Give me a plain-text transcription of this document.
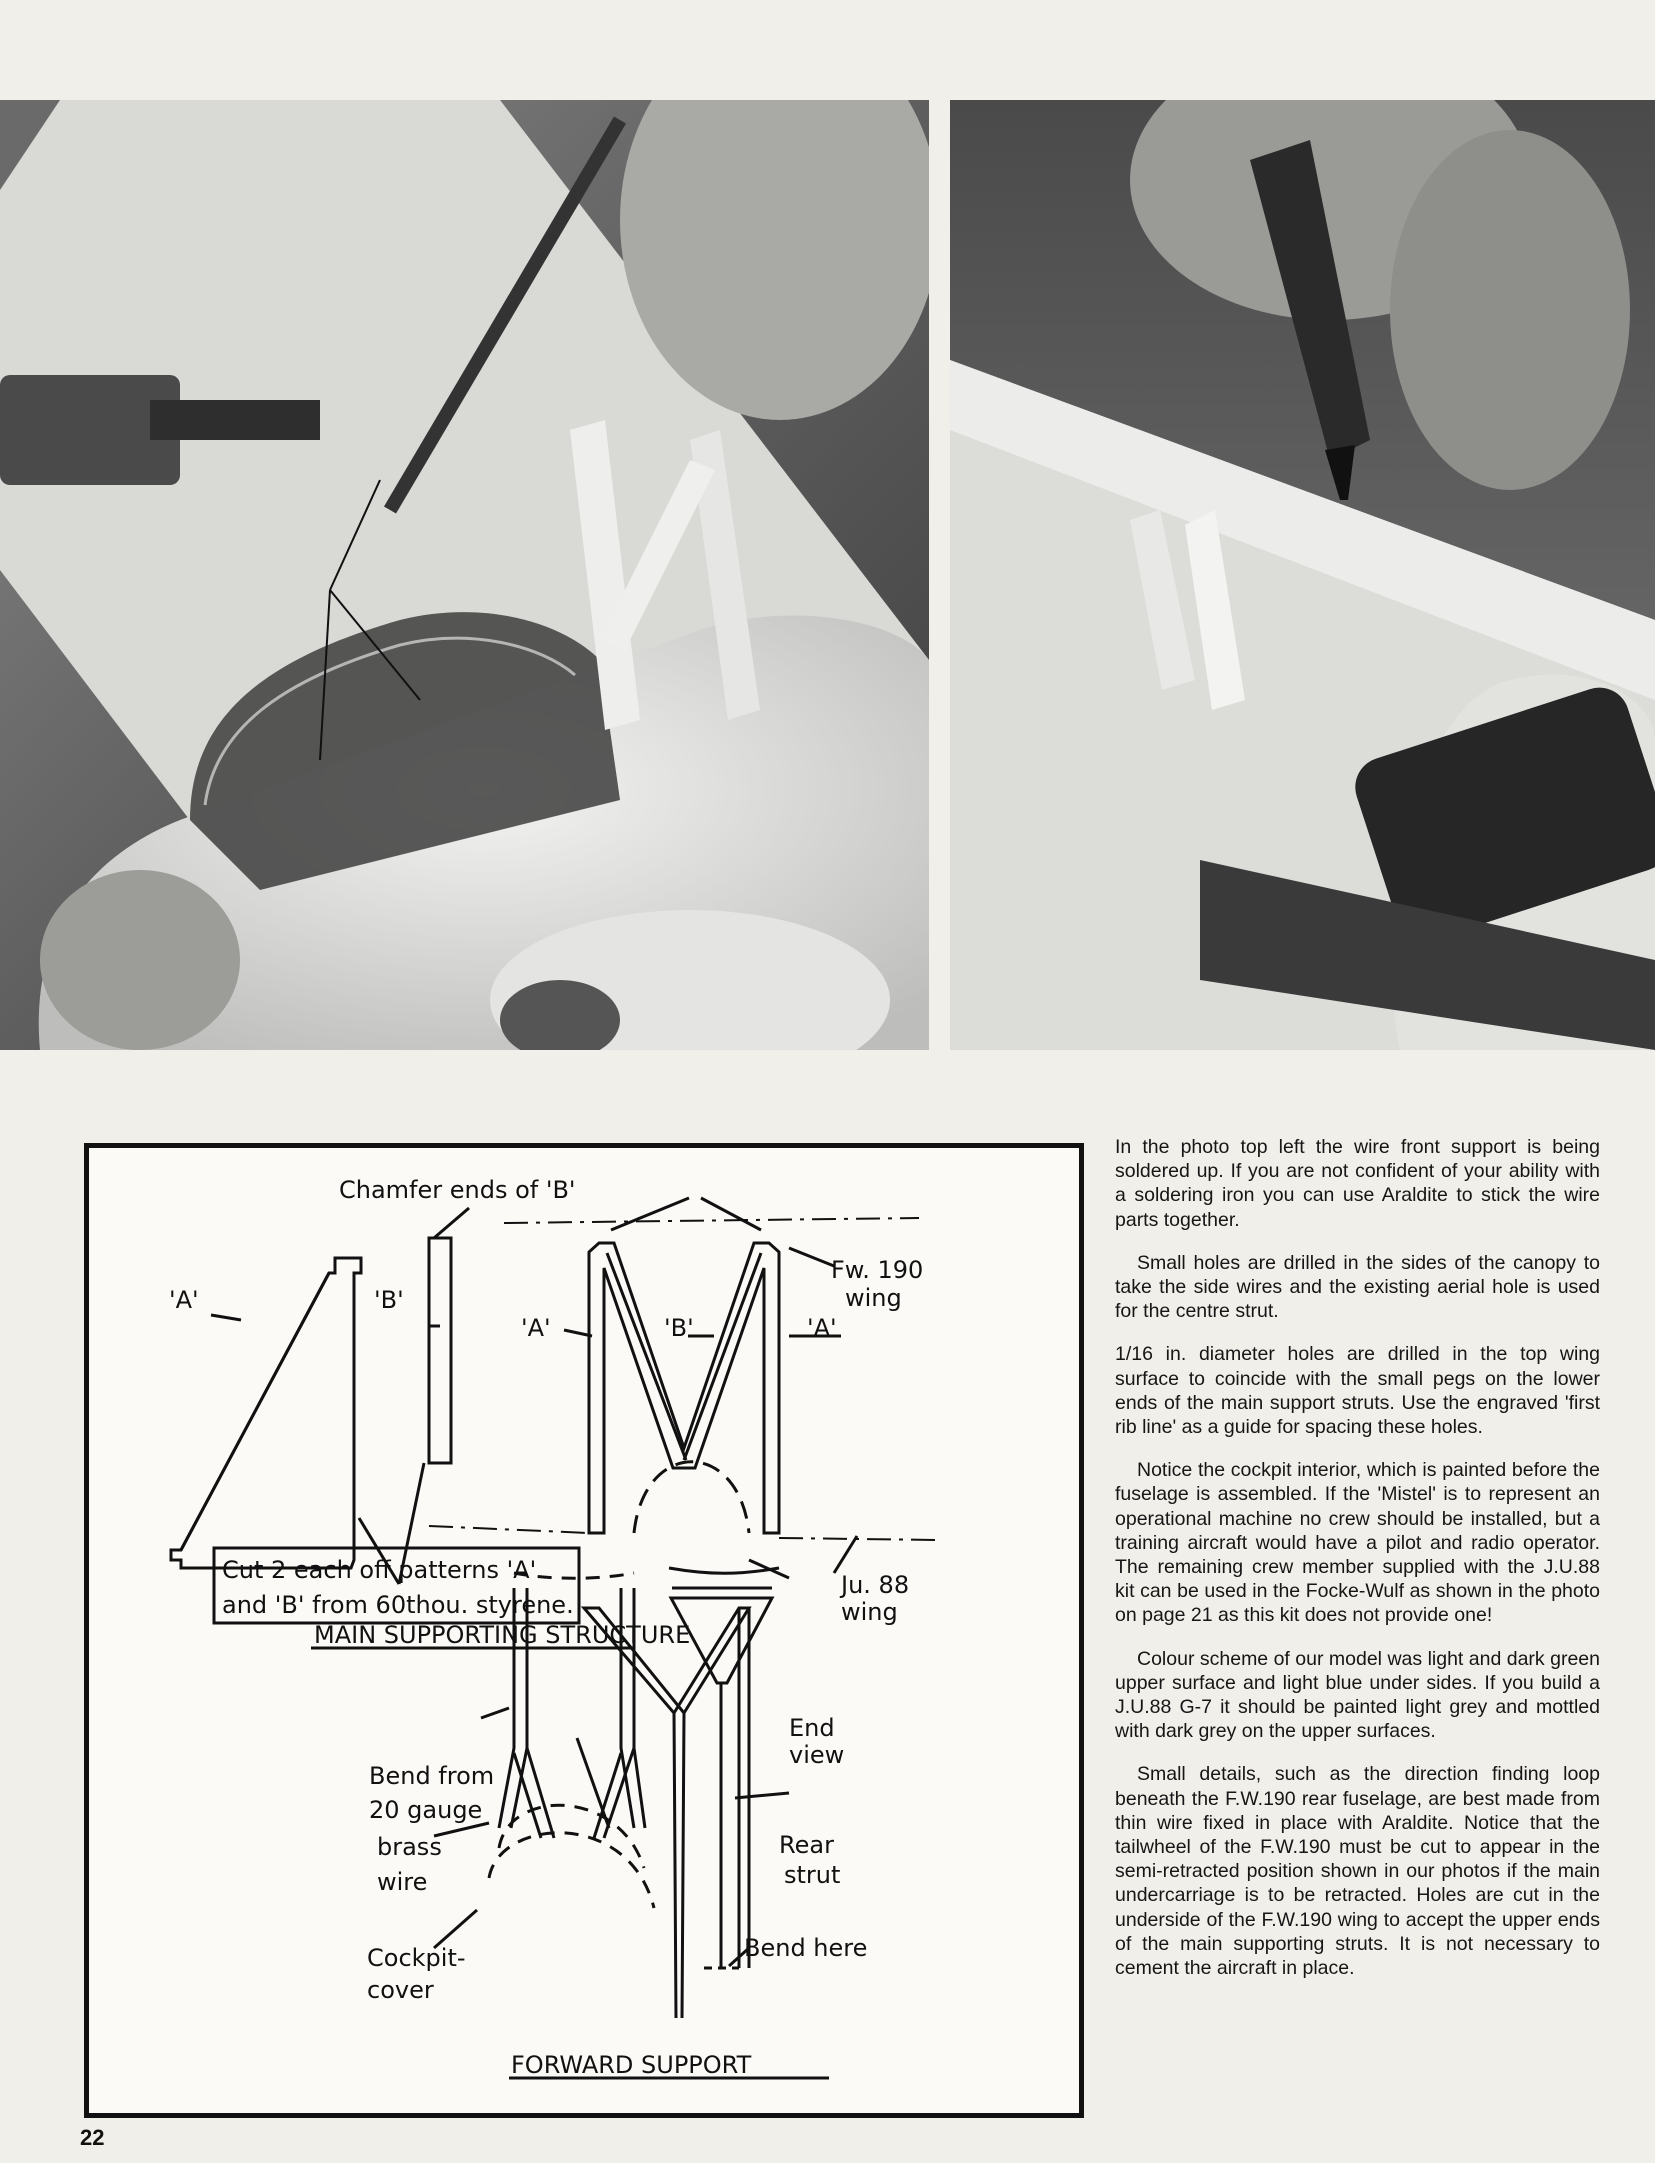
Chamfer ends of 'B'
'A'	'B'
'A'	'B'	'A'
Fw. 190
wing
Ju. 88
wing
Cut 2 each off patterns 'A'
and 'B' from 60thou. styrene.
MAIN SUPPORTING STRUCTURE
Bend from
20 gauge
brass
wire
Cockpit-
cover
End
view
Rear
strut
Bend here
FORWARD SUPPORT

In the photo top left the wire front support is being soldered up. If you are not confident of your ability with a soldering iron you can use Araldite to stick the wire parts together.

Small holes are drilled in the sides of the canopy to take the side wires and the existing aerial hole is used for the centre strut.

1/16 in. diameter holes are drilled in the top wing surface to coincide with the small pegs on the lower ends of the main support struts. Use the engraved 'first rib line' as a guide for spacing these holes.

Notice the cockpit interior, which is painted before the fuselage is assembled. If the 'Mistel' is to represent an operational machine no crew should be installed, but a training aircraft would have a pilot and radio operator. The remaining crew member supplied with the J.U.88 kit can be used in the Focke-Wulf as shown in the photo on page 21 as this kit does not provide one!

Colour scheme of our model was light and dark green upper surface and light blue under sides. If you build a J.U.88 G-7 it should be painted light grey and mottled with dark grey on the upper surfaces.

Small details, such as the direction finding loop beneath the F.W.190 rear fuselage, are best made from thin wire fixed in place with Araldite. Notice that the tailwheel of the F.W.190 must be cut to appear in the semi-retracted position shown in our photos if the main undercarriage is to be retracted. Holes are cut in the underside of the F.W.190 wing to accept the upper ends of the main supporting struts. It is not necessary to cement the aircraft in place.

22
